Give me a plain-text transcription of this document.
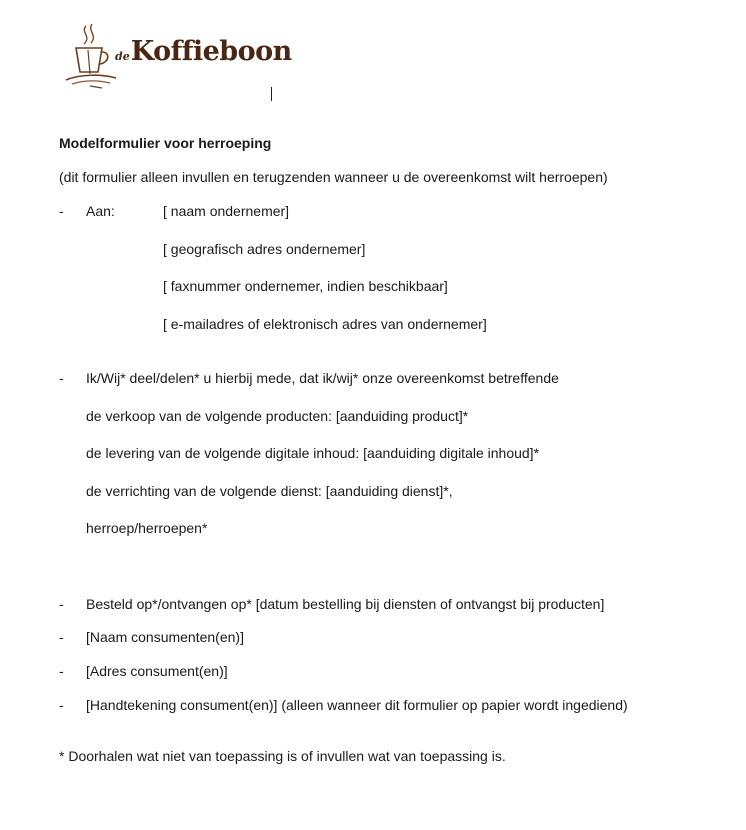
deKoffieboon
Modelformulier voor herroeping
(dit formulier alleen invullen en terugzenden wanneer u de overeenkomst wilt herroepen)
- Aan:	[ naam ondernemer]
[ geografisch adres ondernemer]
[ faxnummer ondernemer, indien beschikbaar]
[ e-mailadres of elektronisch adres van ondernemer]
- Ik/Wij* deel/delen* u hierbij mede, dat ik/wij* onze overeenkomst betreffende
de verkoop van de volgende producten: [aanduiding product]*
de levering van de volgende digitale inhoud: [aanduiding digitale inhoud]*
de verrichting van de volgende dienst: [aanduiding dienst]*,
herroep/herroepen*
- Besteld op*/ontvangen op* [datum bestelling bij diensten of ontvangst bij producten]
- [Naam consumenten(en)]
- [Adres consument(en)]
- [Handtekening consument(en)] (alleen wanneer dit formulier op papier wordt ingediend)
* Doorhalen wat niet van toepassing is of invullen wat van toepassing is.
